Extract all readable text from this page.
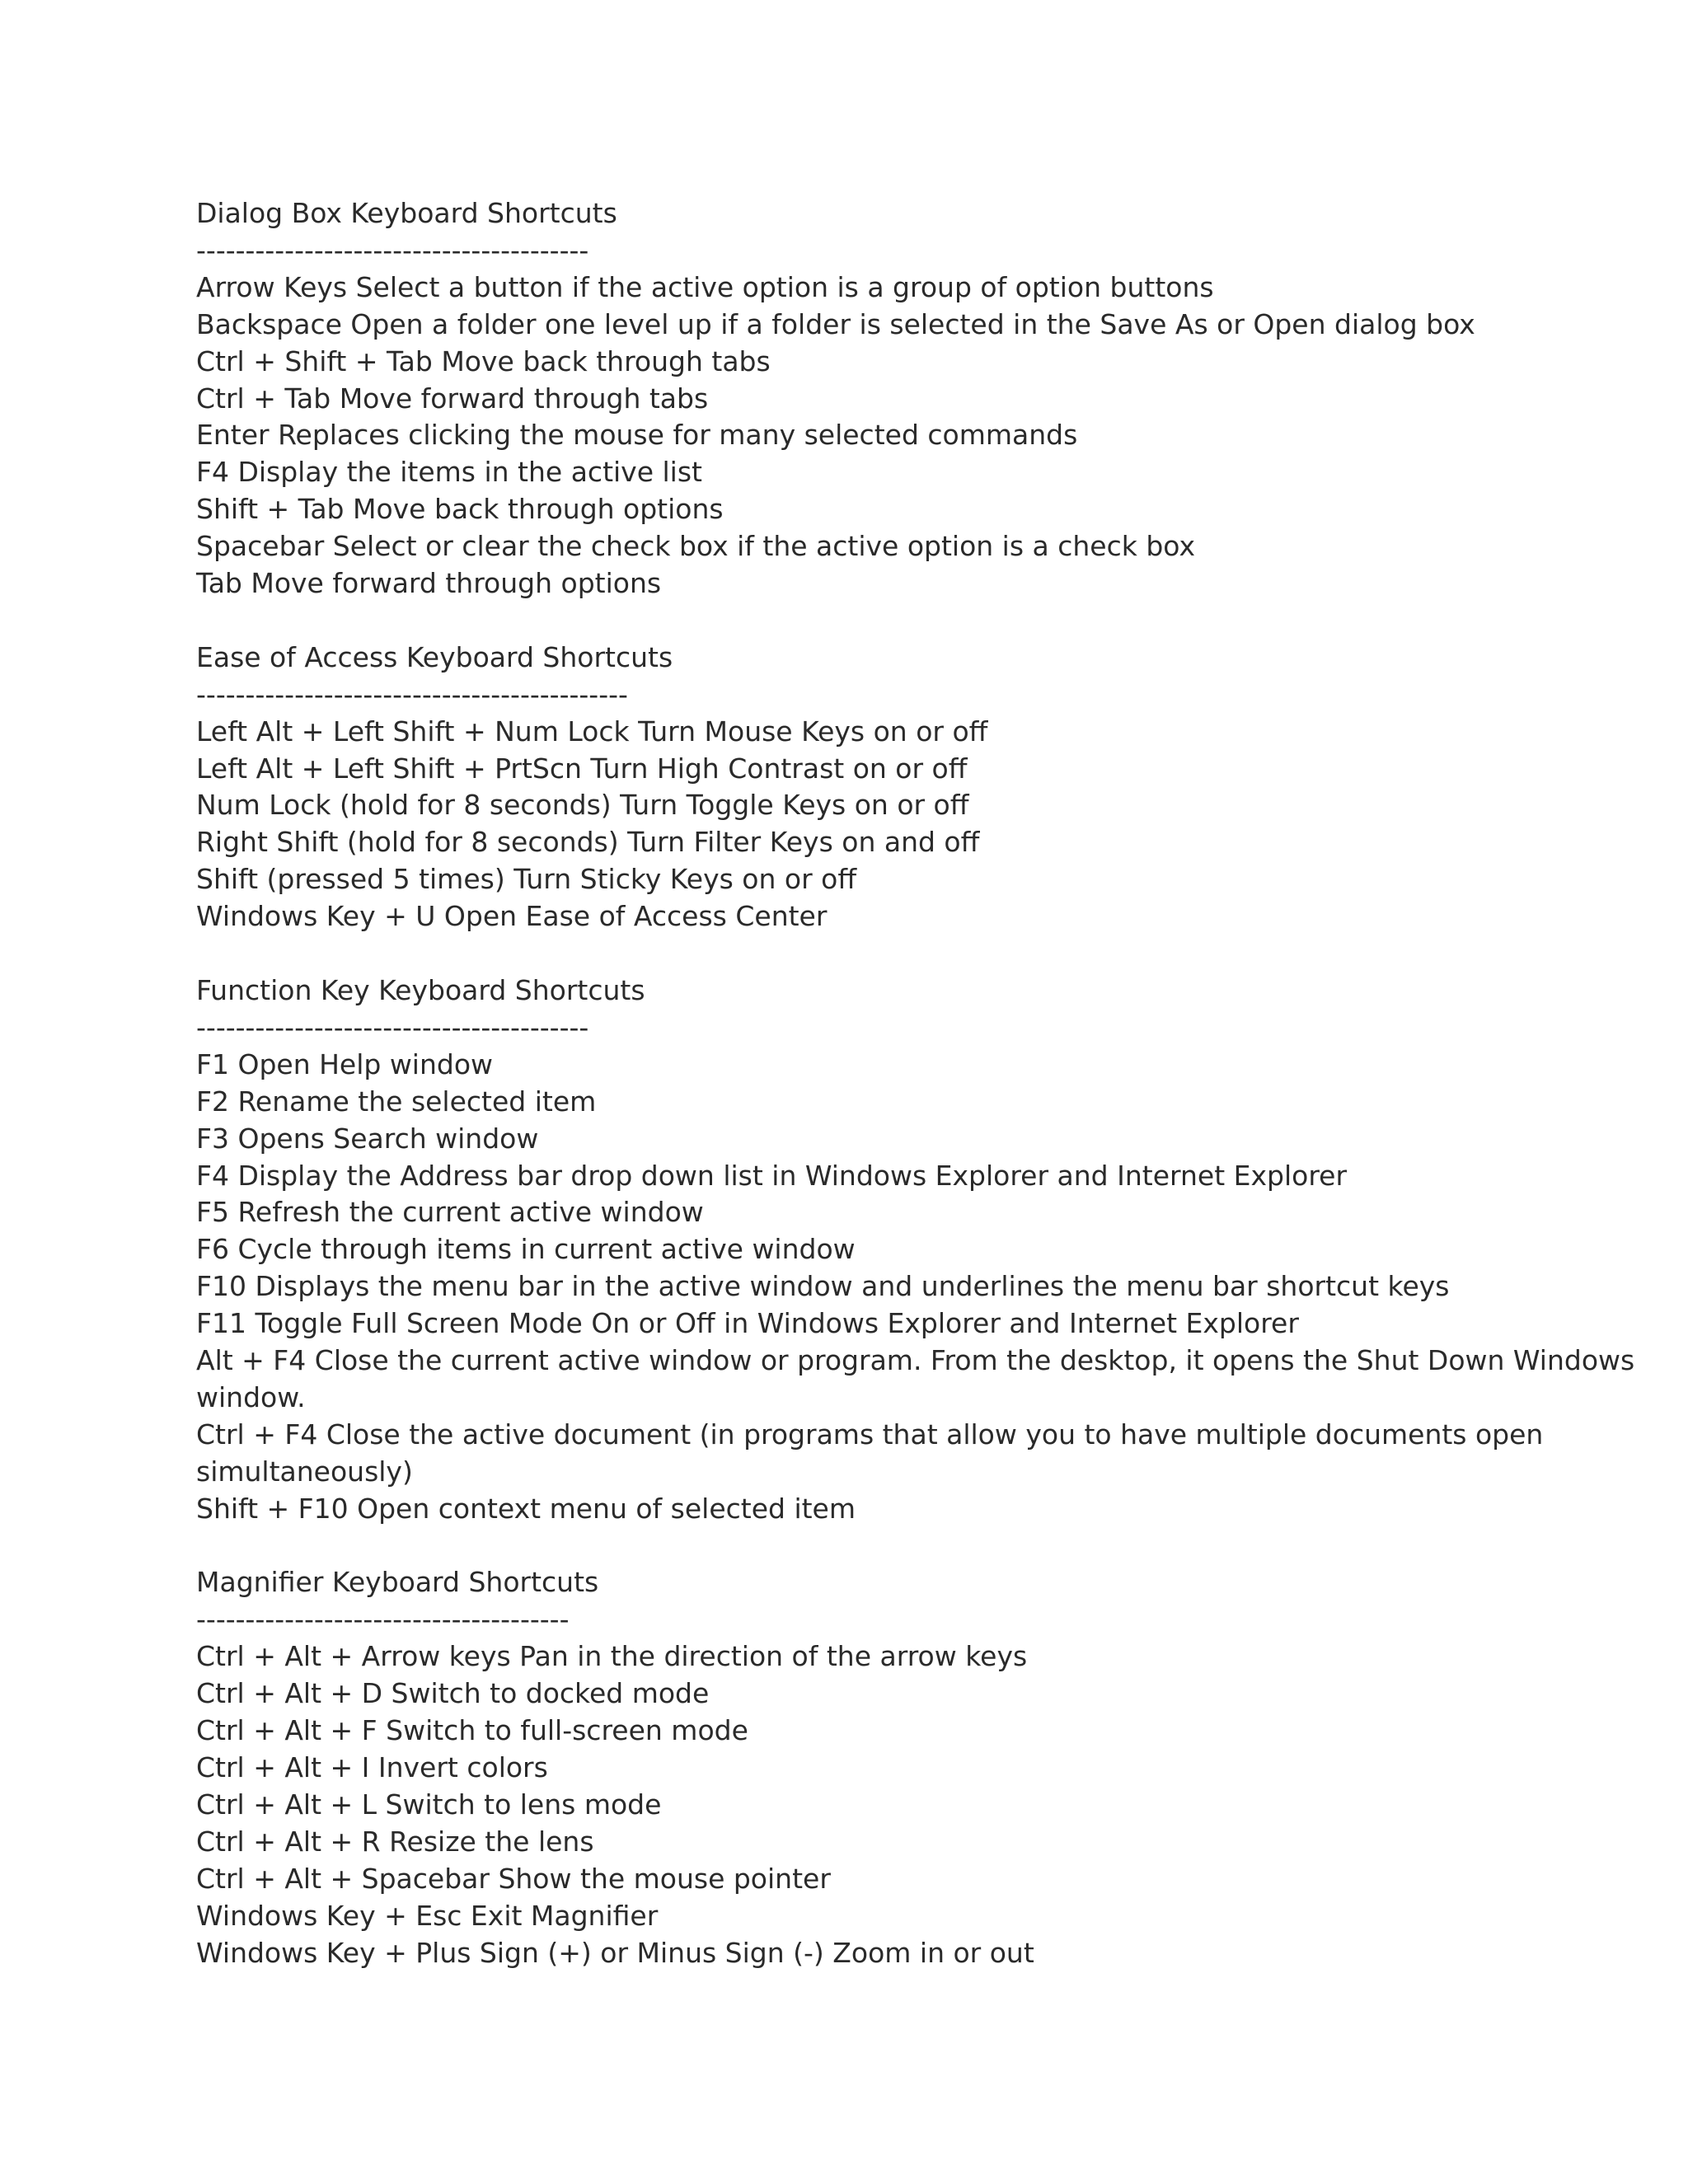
Dialog Box Keyboard Shortcuts
----------------------------------------
Arrow Keys Select a button if the active option is a group of option buttons
Backspace Open a folder one level up if a folder is selected in the Save As or Open dialog box
Ctrl + Shift + Tab Move back through tabs
Ctrl + Tab Move forward through tabs
Enter Replaces clicking the mouse for many selected commands
F4 Display the items in the active list
Shift + Tab Move back through options
Spacebar Select or clear the check box if the active option is a check box
Tab Move forward through options
Ease of Access Keyboard Shortcuts
--------------------------------------------
Left Alt + Left Shift + Num Lock Turn Mouse Keys on or off
Left Alt + Left Shift + PrtScn Turn High Contrast on or off
Num Lock (hold for 8 seconds) Turn Toggle Keys on or off
Right Shift (hold for 8 seconds) Turn Filter Keys on and off
Shift (pressed 5 times) Turn Sticky Keys on or off
Windows Key + U Open Ease of Access Center
Function Key Keyboard Shortcuts
----------------------------------------
F1 Open Help window
F2 Rename the selected item
F3 Opens Search window
F4 Display the Address bar drop down list in Windows Explorer and Internet Explorer
F5 Refresh the current active window
F6 Cycle through items in current active window
F10 Displays the menu bar in the active window and underlines the menu bar shortcut keys
F11 Toggle Full Screen Mode On or Off in Windows Explorer and Internet Explorer
Alt + F4 Close the current active window or program. From the desktop, it opens the Shut Down Windows window.
Ctrl + F4 Close the active document (in programs that allow you to have multiple documents open simultaneously)
Shift + F10 Open context menu of selected item
Magnifier Keyboard Shortcuts
--------------------------------------
Ctrl + Alt + Arrow keys Pan in the direction of the arrow keys
Ctrl + Alt + D Switch to docked mode
Ctrl + Alt + F Switch to full-screen mode
Ctrl + Alt + I Invert colors
Ctrl + Alt + L Switch to lens mode
Ctrl + Alt + R Resize the lens
Ctrl + Alt + Spacebar Show the mouse pointer
Windows Key + Esc Exit Magnifier
Windows Key + Plus Sign (+) or Minus Sign (-) Zoom in or out
